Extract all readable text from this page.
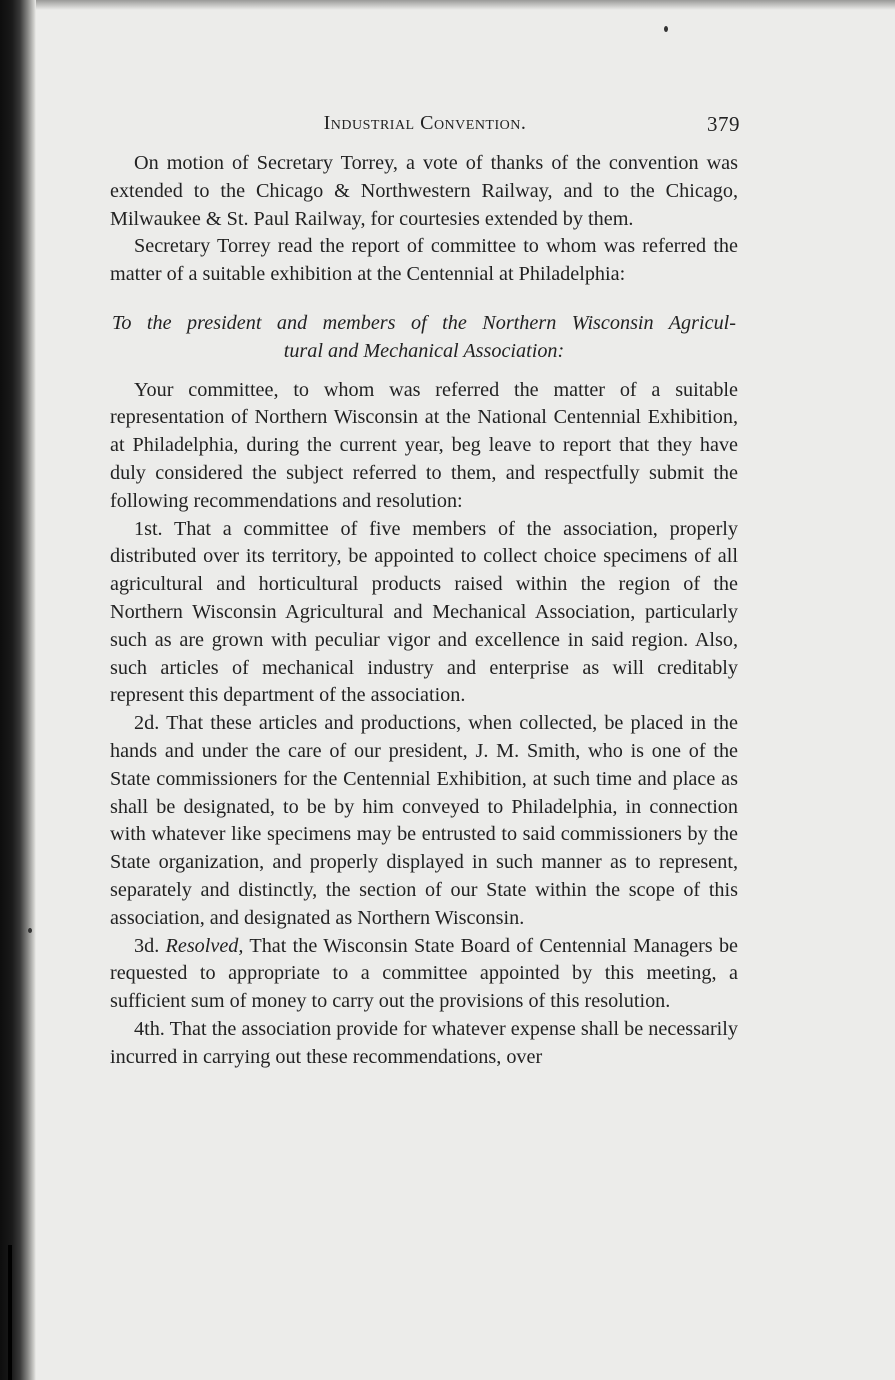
Industrial Convention.	379

On motion of Secretary Torrey, a vote of thanks of the convention was extended to the Chicago & Northwestern Railway, and to the Chicago, Milwaukee & St. Paul Railway, for courtesies extended by them.

Secretary Torrey read the report of committee to whom was referred the matter of a suitable exhibition at the Centennial at Philadelphia:

To the president and members of the Northern Wisconsin Agricul-
tural and Mechanical Association:

Your committee, to whom was referred the matter of a suitable representation of Northern Wisconsin at the National Centennial Exhibition, at Philadelphia, during the current year, beg leave to report that they have duly considered the subject referred to them, and respectfully submit the following recommendations and resolution:

1st. That a committee of five members of the association, properly distributed over its territory, be appointed to collect choice specimens of all agricultural and horticultural products raised within the region of the Northern Wisconsin Agricultural and Mechanical Association, particularly such as are grown with peculiar vigor and excellence in said region. Also, such articles of mechanical industry and enterprise as will creditably represent this department of the association.

2d. That these articles and productions, when collected, be placed in the hands and under the care of our president, J. M. Smith, who is one of the State commissioners for the Centennial Exhibition, at such time and place as shall be designated, to be by him conveyed to Philadelphia, in connection with whatever like specimens may be entrusted to said commissioners by the State organization, and properly displayed in such manner as to represent, separately and distinctly, the section of our State within the scope of this association, and designated as Northern Wisconsin.

3d. Resolved, That the Wisconsin State Board of Centennial Managers be requested to appropriate to a committee appointed by this meeting, a sufficient sum of money to carry out the provisions of this resolution.

4th. That the association provide for whatever expense shall be necessarily incurred in carrying out these recommendations, over
